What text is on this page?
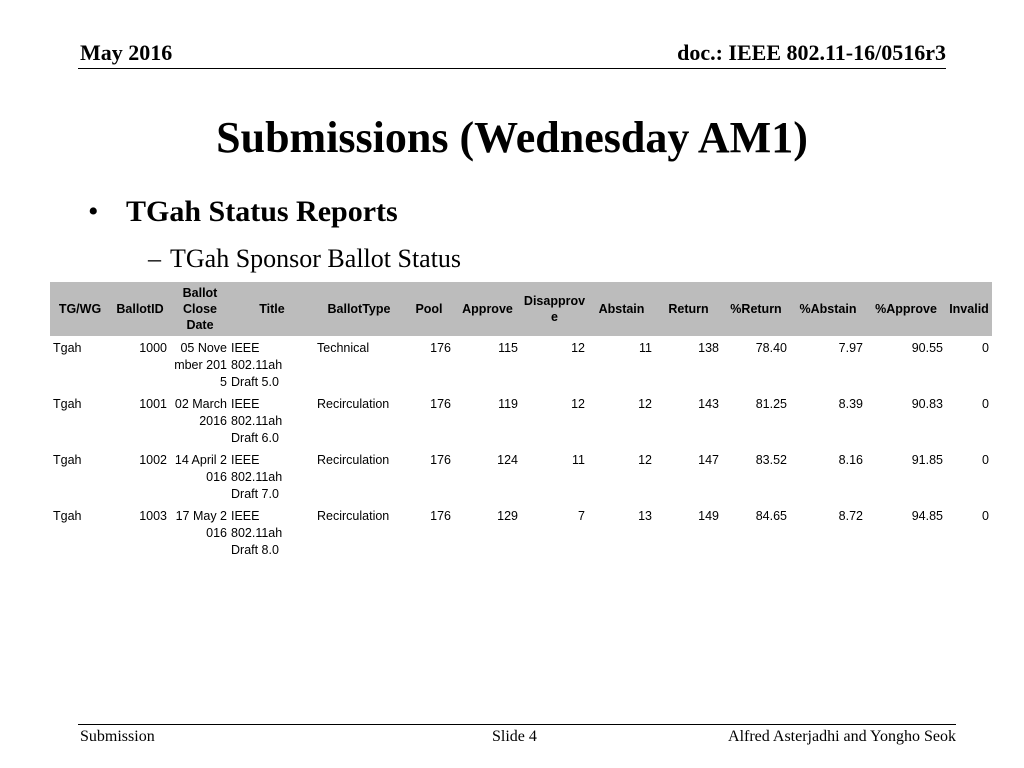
May 2016	doc.: IEEE 802.11-16/0516r3
Submissions (Wednesday AM1)
• TGah Status Reports
– TGah Sponsor Ballot Status
TG/WG	BallotID	Ballot Close Date	Title	BallotType	Pool	Approve	Disapprove	Abstain	Return	%Return	%Abstain	%Approve	Invalid
Tgah	1000	05 November 2015	IEEE 802.11ah Draft 5.0	Technical	176	115	12	11	138	78.40	7.97	90.55	0
Tgah	1001	02 March 2016	IEEE 802.11ah Draft 6.0	Recirculation	176	119	12	12	143	81.25	8.39	90.83	0
Tgah	1002	14 April 2016	IEEE 802.11ah Draft 7.0	Recirculation	176	124	11	12	147	83.52	8.16	91.85	0
Tgah	1003	17 May 2016	IEEE 802.11ah Draft 8.0	Recirculation	176	129	7	13	149	84.65	8.72	94.85	0
Submission	Slide 4	Alfred Asterjadhi and Yongho Seok
